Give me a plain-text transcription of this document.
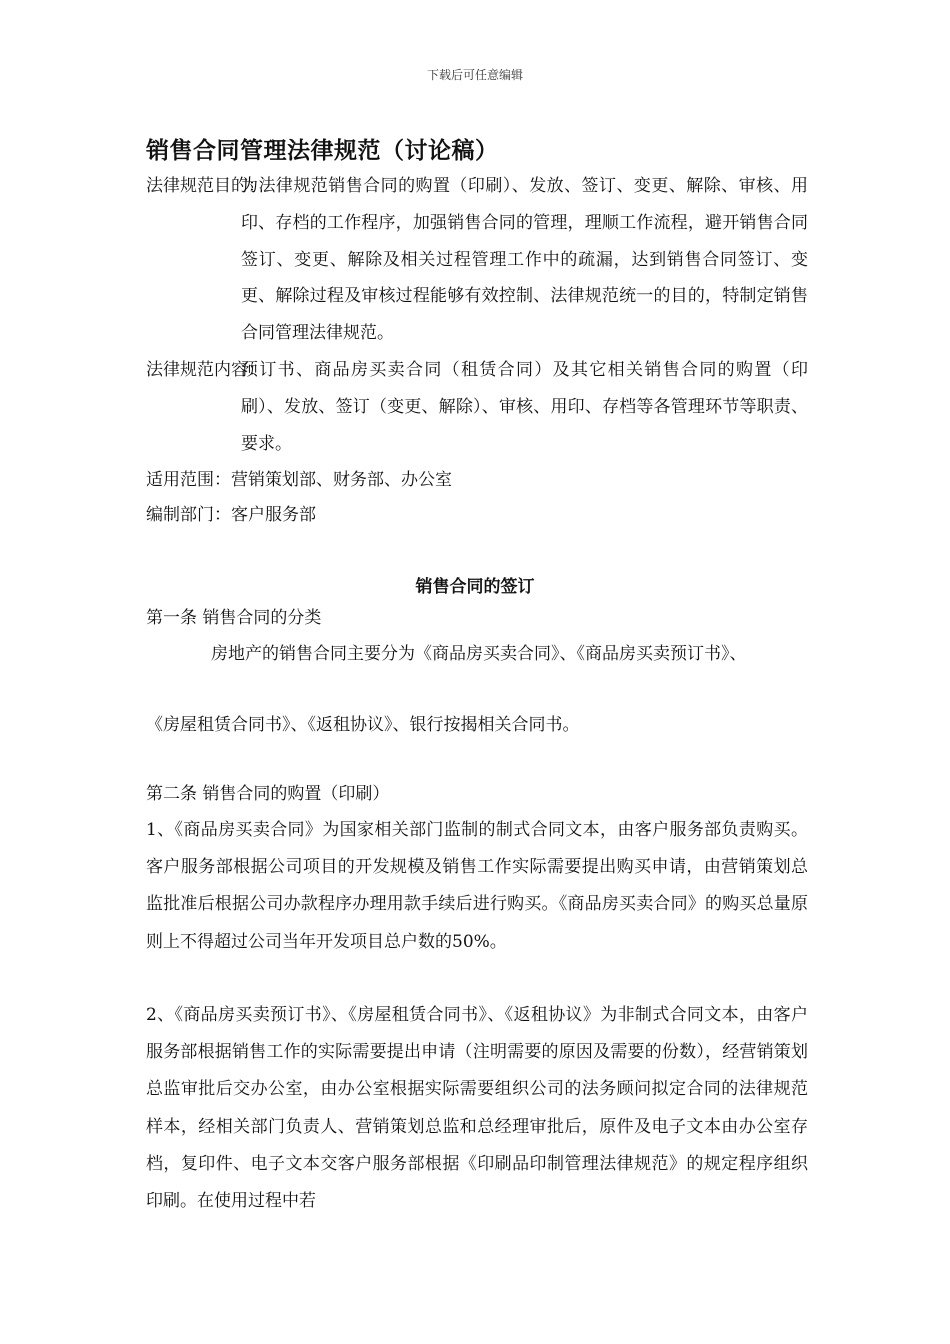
下载后可任意编辑
销售合同管理法律规范（讨论稿）
法律规范目的：
为法律规范销售合同的购置（印刷）、发放、签订、变更、解除、审核、用印、存档的工作程序，加强销售合同的管理，理顺工作流程，避开销售合同签订、变更、解除及相关过程管理工作中的疏漏，达到销售合同签订、变更、解除过程及审核过程能够有效控制、法律规范统一的目的，特制定销售合同管理法律规范。
法律规范内容：
预订书、商品房买卖合同（租赁合同）及其它相关销售合同的购置（印刷）、发放、签订（变更、解除）、审核、用印、存档等各管理环节等职责、要求。
适用范围：营销策划部、财务部、办公室
编制部门：客户服务部
销售合同的签订
第一条 销售合同的分类
房地产的销售合同主要分为《商品房买卖合同》、《商品房买卖预订书》、
《房屋租赁合同书》、《返租协议》、银行按揭相关合同书。
第二条 销售合同的购置（印刷）
1、《商品房买卖合同》为国家相关部门监制的制式合同文本，由客户服务部负责购买。客户服务部根据公司项目的开发规模及销售工作实际需要提出购买申请，由营销策划总监批准后根据公司办款程序办理用款手续后进行购买。《商品房买卖合同》的购买总量原则上不得超过公司当年开发项目总户数的50%。
2、《商品房买卖预订书》、《房屋租赁合同书》、《返租协议》为非制式合同文本，由客户服务部根据销售工作的实际需要提出申请（注明需要的原因及需要的份数），经营销策划总监审批后交办公室，由办公室根据实际需要组织公司的法务顾问拟定合同的法律规范样本，经相关部门负责人、营销策划总监和总经理审批后，原件及电子文本由办公室存档，复印件、电子文本交客户服务部根据《印刷品印制管理法律规范》的规定程序组织印刷。在使用过程中若
